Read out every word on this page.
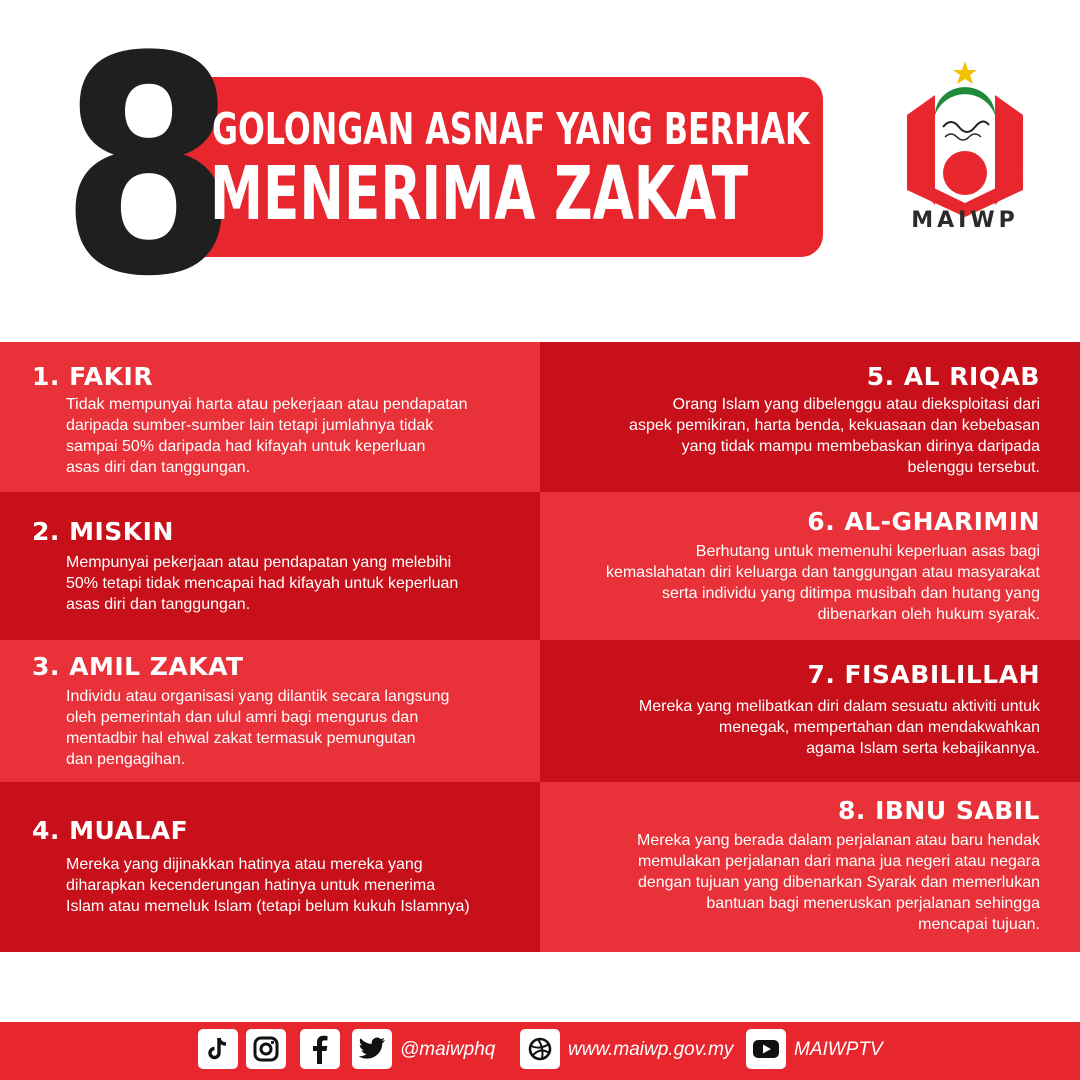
8
GOLONGAN ASNAF YANG BERHAK
MENERIMA ZAKAT	MAIWP
1. FAKIR
Tidak mempunyai harta atau pekerjaan atau pendapatan
daripada sumber-sumber lain tetapi jumlahnya tidak
sampai 50% daripada had kifayah untuk keperluan
asas diri dan tanggungan.
2. MISKIN
Mempunyai pekerjaan atau pendapatan yang melebihi
50% tetapi tidak mencapai had kifayah untuk keperluan
asas diri dan tanggungan.
3. AMIL ZAKAT
Individu atau organisasi yang dilantik secara langsung
oleh pemerintah dan ulul amri bagi mengurus dan
mentadbir hal ehwal zakat termasuk pemungutan
dan pengagihan.
4. MUALAF
Mereka yang dijinakkan hatinya atau mereka yang
diharapkan kecenderungan hatinya untuk menerima
Islam atau memeluk Islam (tetapi belum kukuh Islamnya)
5. AL RIQAB
Orang Islam yang dibelenggu atau dieksploitasi dari
aspek pemikiran, harta benda, kekuasaan dan kebebasan
yang tidak mampu membebaskan dirinya daripada
belenggu tersebut.
6. AL-GHARIMIN
Berhutang untuk memenuhi keperluan asas bagi
kemaslahatan diri keluarga dan tanggungan atau masyarakat
serta individu yang ditimpa musibah dan hutang yang
dibenarkan oleh hukum syarak.
7. FISABILILLAH
Mereka yang melibatkan diri dalam sesuatu aktiviti untuk
menegak, mempertahan dan mendakwahkan
agama Islam serta kebajikannya.
8. IBNU SABIL
Mereka yang berada dalam perjalanan atau baru hendak
memulakan perjalanan dari mana jua negeri atau negara
dengan tujuan yang dibenarkan Syarak dan memerlukan
bantuan bagi meneruskan perjalanan sehingga
mencapai tujuan.
@maiwphq	www.maiwp.gov.my	MAIWPTV
